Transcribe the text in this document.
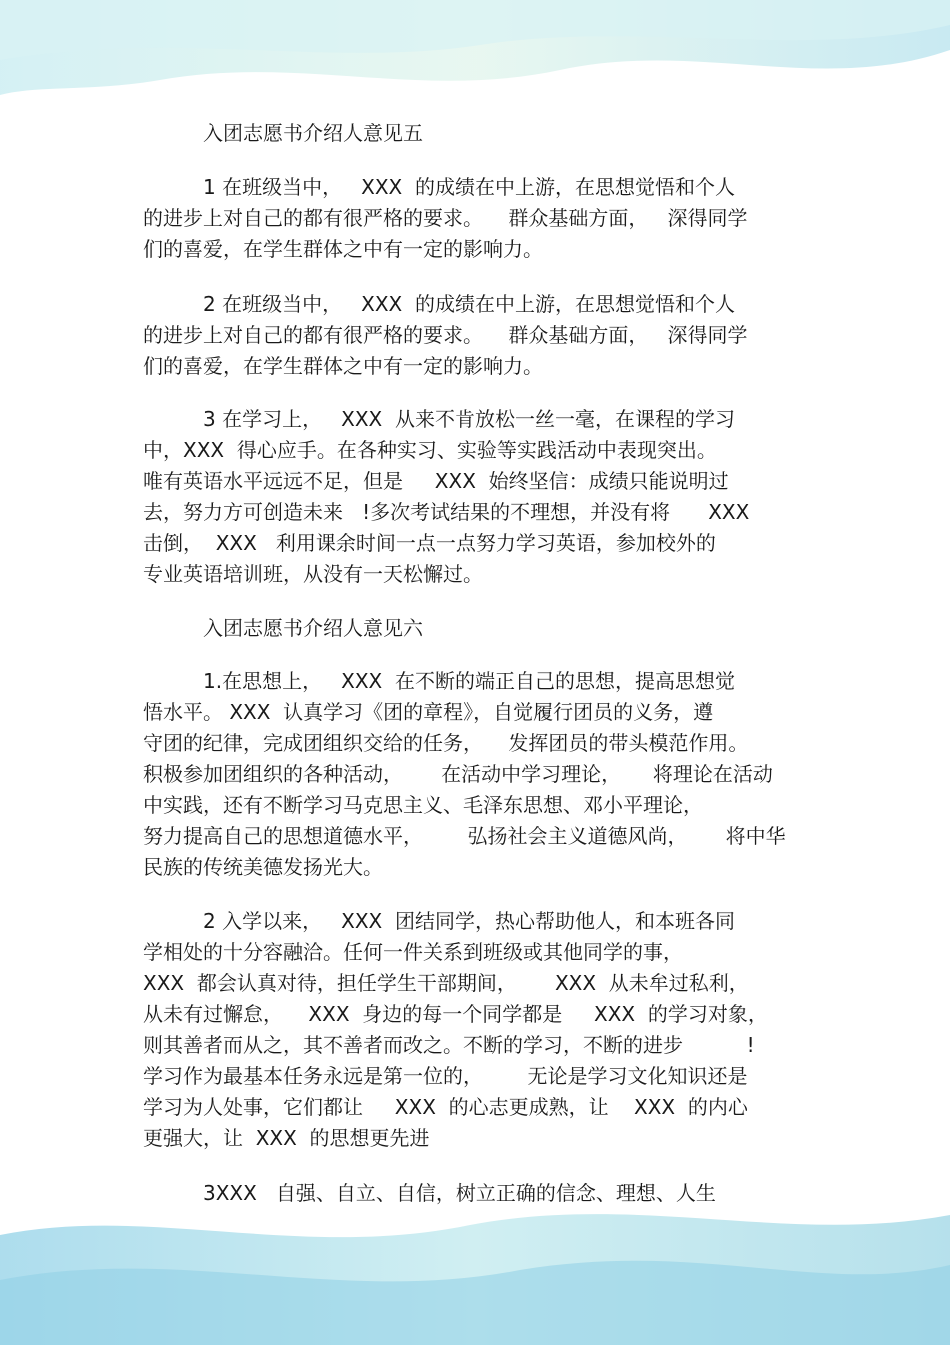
入团志愿书介绍人意见五
1 在班级当中，   XXX  的成绩在中上游，在思想觉悟和个人
的进步上对自己的都有很严格的要求。    群众基础方面，   深得同学
们的喜爱，在学生群体之中有一定的影响力。
2 在班级当中，   XXX  的成绩在中上游，在思想觉悟和个人
的进步上对自己的都有很严格的要求。    群众基础方面，   深得同学
们的喜爱，在学生群体之中有一定的影响力。
3 在学习上，   XXX  从来不肯放松一丝一毫，在课程的学习
中，XXX  得心应手。在各种实习、实验等实践活动中表现突出。
唯有英语水平远远不足，但是     XXX  始终坚信：成绩只能说明过
去，努力方可创造未来   !多次考试结果的不理想，并没有将      XXX
击倒，  XXX   利用课余时间一点一点努力学习英语，参加校外的
专业英语培训班，从没有一天松懈过。
入团志愿书介绍人意见六
1.在思想上，   XXX  在不断的端正自己的思想，提高思想觉
悟水平。 XXX  认真学习《团的章程》，自觉履行团员的义务，遵
守团的纪律，完成团组织交给的任务，    发挥团员的带头模范作用。
积极参加团组织的各种活动，      在活动中学习理论，     将理论在活动
中实践，还有不断学习马克思主义、毛泽东思想、邓小平理论，
努力提高自己的思想道德水平，       弘扬社会主义道德风尚，      将中华
民族的传统美德发扬光大。
2 入学以来，   XXX  团结同学，热心帮助他人，和本班各同
学相处的十分容融洽。任何一件关系到班级或其他同学的事，
XXX  都会认真对待，担任学生干部期间，      XXX  从未牟过私利，
从未有过懈怠，    XXX  身边的每一个同学都是     XXX  的学习对象，
则其善者而从之，其不善者而改之。不断的学习，不断的进步          !
学习作为最基本任务永远是第一位的，       无论是学习文化知识还是
学习为人处事，它们都让     XXX  的心志更成熟，让    XXX  的内心
更强大，让  XXX  的思想更先进
3XXX   自强、自立、自信，树立正确的信念、理想、人生
